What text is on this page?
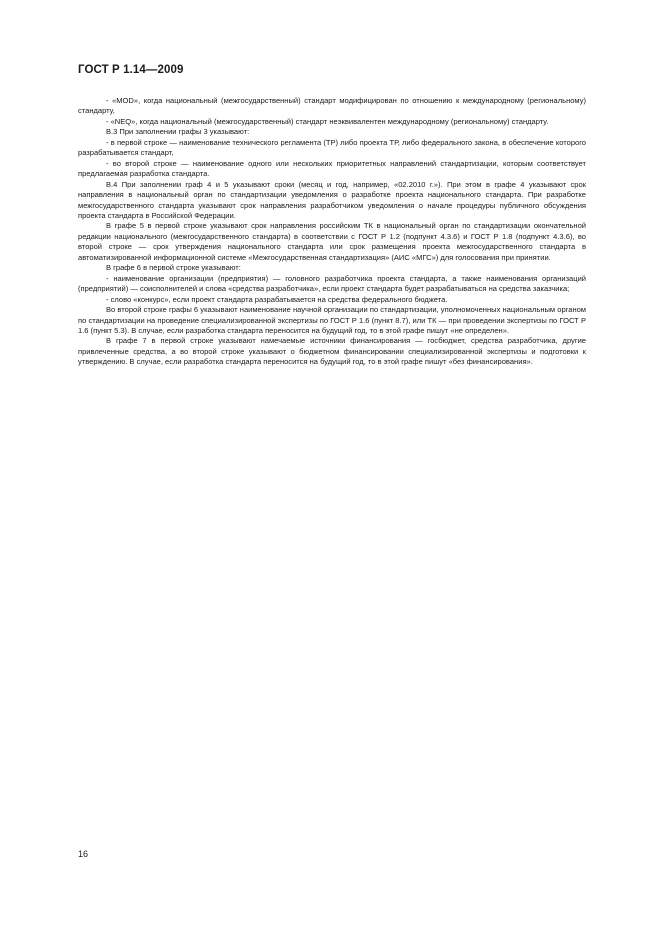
ГОСТ Р 1.14—2009

- «MOD», когда национальный (межгосударственный) стандарт модифицирован по отношению к международному (региональному) стандарту,

- «NEQ», когда национальный (межгосударственный) стандарт неэквивалентен международному (региональному) стандарту.

В.3 При заполнении графы 3 указывают:

- в первой строке — наименование технического регламента (ТР) либо проекта ТР, либо федерального закона, в обеспечение которого разрабатывается стандарт,

- во второй строке — наименование одного или нескольких приоритетных направлений стандартизации, которым соответствует предлагаемая разработка стандарта.

В.4 При заполнении граф 4 и 5 указывают сроки (месяц и год, например, «02.2010 г.»). При этом в графе 4 указывают срок направления в национальный орган по стандартизации уведомления о разработке проекта национального стандарта. При разработке межгосударственного стандарта указывают срок направления разработчиком уведомления о начале процедуры публичного обсуждения проекта стандарта в Российской Федерации.

В графе 5 в первой строке указывают срок направления российским ТК в национальный орган по стандартизации окончательной редакции национального (межгосударственного стандарта) в соответствии с ГОСТ Р 1.2 (подпункт 4.3.6) и ГОСТ Р 1.8 (подпункт 4.3.6), во второй строке — срок утверждения национального стандарта или срок размещения проекта межгосударственного стандарта в автоматизированной информационной системе «Межгосударственная стандартизация» (АИС «МГС») для голосования при принятии.

В графе 6 в первой строке указывают:

- наименование организации (предприятия) — головного разработчика проекта стандарта, а также наименования организаций (предприятий) — соисполнителей и слова «средства разработчика», если проект стандарта будет разрабатываться на средства заказчика;

- слово «конкурс», если проект стандарта разрабатывается на средства федерального бюджета.

Во второй строке графы 6 указывают наименование научной организации по стандартизации, уполномоченных национальным органом по стандартизации на проведение специализированной экспертизы по ГОСТ Р 1.6 (пункт 8.7), или ТК — при проведении экспертизы по ГОСТ Р 1.6 (пункт 5.3). В случае, если разработка стандарта переносится на будущий год, то в этой графе пишут «не определен».

В графе 7 в первой строке указывают намечаемые источники финансирования — госбюджет, средства разработчика, другие привлеченные средства, а во второй строке указывают о бюджетном финансировании специализированной экспертизы и подготовки к утверждению. В случае, если разработка стандарта переносится на будущий год, то в этой графе пишут «без финансирования».

16
